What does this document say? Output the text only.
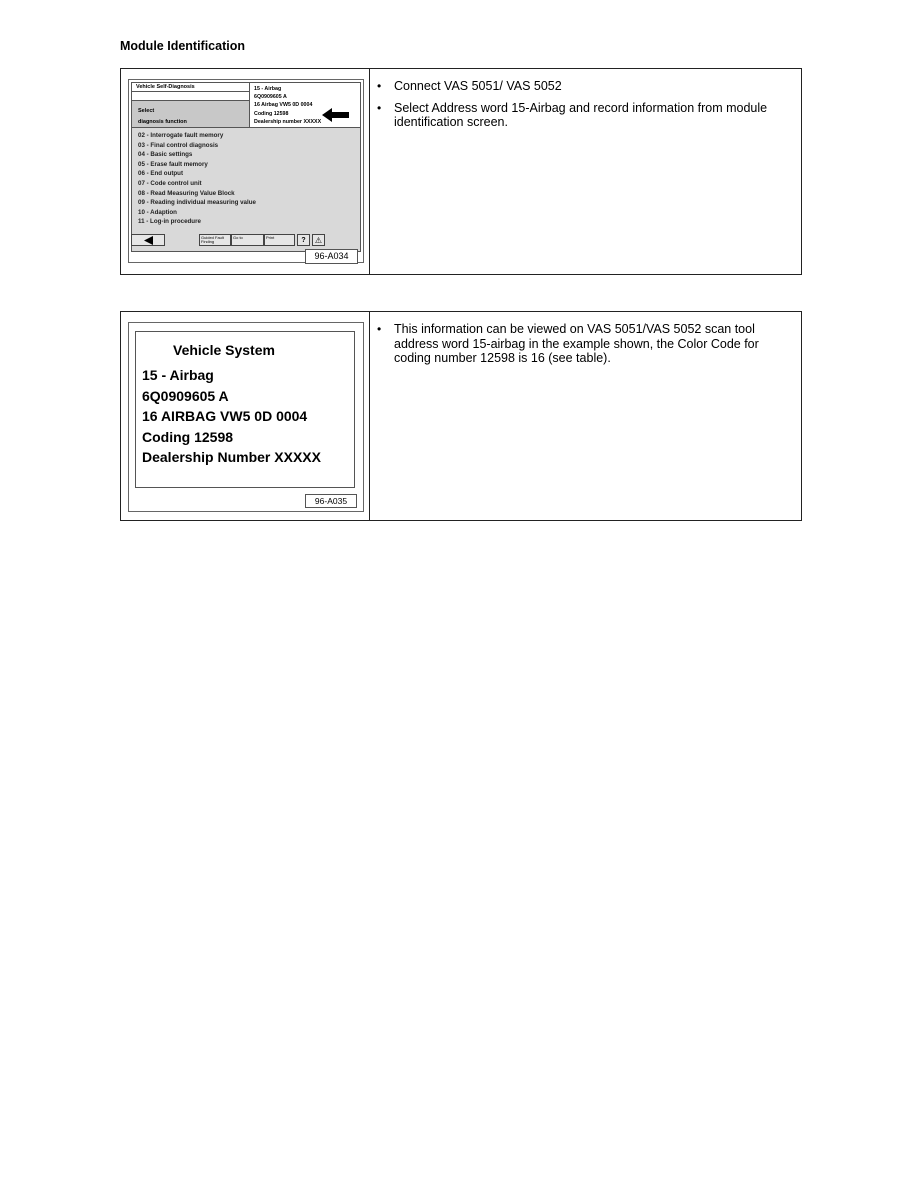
Module Identification
Vehicle Self-Diagnosis
Select
diagnosis function
15 - Airbag
6Q0909605 A
16 Airbag VW5 0D 0004
Coding 12598
Dealership number XXXXX
02 - Interrogate fault memory
03 - Final control diagnosis
04 - Basic settings
05 - Erase fault memory
06 - End output
07 - Code control unit
08 - Read Measuring Value Block
09 - Reading individual measuring value
10 - Adaption
11 - Log-in procedure
Guided Fault Finding
Go to	Print	?	⚠
96-A034
• Connect VAS 5051/ VAS 5052
• Select Address word 15-Airbag and record information from module identification screen.
Vehicle System
15 - Airbag
6Q0909605 A
16 AIRBAG VW5 0D 0004
Coding 12598
Dealership Number XXXXX
96-A035
• This information can be viewed on VAS 5051/VAS 5052 scan tool address word 15-airbag in the example shown, the Color Code for coding number 12598 is 16 (see table).
